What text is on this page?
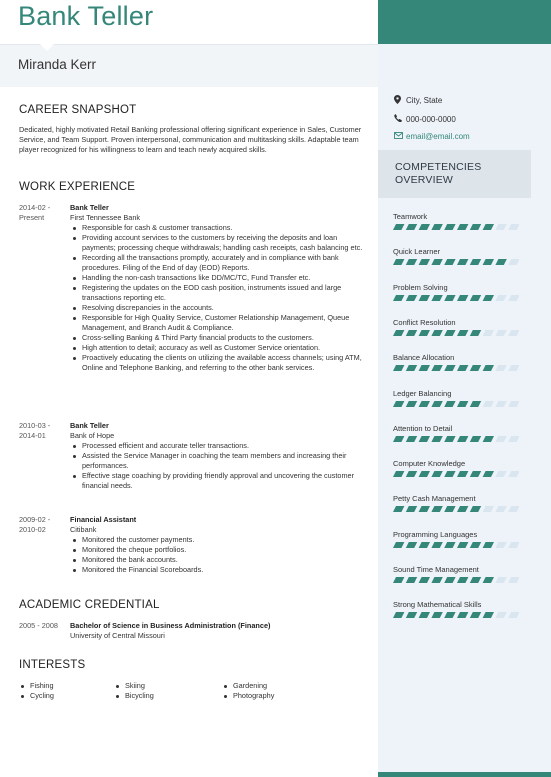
Bank Teller
Miranda Kerr
City, State
000-000-0000
email@email.com
COMPETENCIES
OVERVIEW
Teamwork
Quick Learner
Problem Solving
Conflict Resolution
Balance Allocation
Ledger Balancing
Attention to Detail
Computer Knowledge
Petty Cash Management
Programming Languages
Sound Time Management
Strong Mathematical Skills
CAREER SNAPSHOT
Dedicated, highly motivated Retail Banking professional offering significant experience in Sales, Customer Service, and Team Support. Proven interpersonal, communication and multitasking skills. Adaptable team player recognized for his willingness to learn and teach newly acquired skills.
WORK EXPERIENCE
2014-02 -
Present
Bank Teller
First Tennessee Bank
Responsible for cash & customer transactions.
Providing account services to the customers by receiving the deposits and loan payments; processing cheque withdrawals; handling cash receipts, cash balancing etc.
Recording all the transactions promptly, accurately and in compliance with bank procedures. Filing of the End of day (EOD) Reports.
Handling the non-cash transactions like DD/MC/TC, Fund Transfer etc.
Registering the updates on the EOD cash position, instruments issued and large transactions reporting etc.
Resolving discrepancies in the accounts.
Responsible for High Quality Service, Customer Relationship Management, Queue Management, and Branch Audit & Compliance.
Cross-selling Banking & Third Party financial products to the customers.
High attention to detail; accuracy as well as Customer Service orientation.
Proactively educating the clients on utilizing the available access channels; using ATM, Online and Telephone Banking, and referring to the other bank services.
2010-03 -
2014-01
Bank Teller
Bank of Hope
Processed efficient and accurate teller transactions.
Assisted the Service Manager in coaching the team members and increasing their performances.
Effective stage coaching by providing friendly approval and uncovering the customer financial needs.
2009-02 -
2010-02
Financial Assistant
Citibank
Monitored the customer payments.
Monitored the cheque portfolios.
Monitored the bank accounts.
Monitored the Financial Scoreboards.
ACADEMIC CREDENTIAL
2005 - 2008 Bachelor of Science in Business Administration (Finance)
University of Central Missouri
INTERESTS
Fishing
Cycling
Skiing
Bicycling
Gardening
Photography
